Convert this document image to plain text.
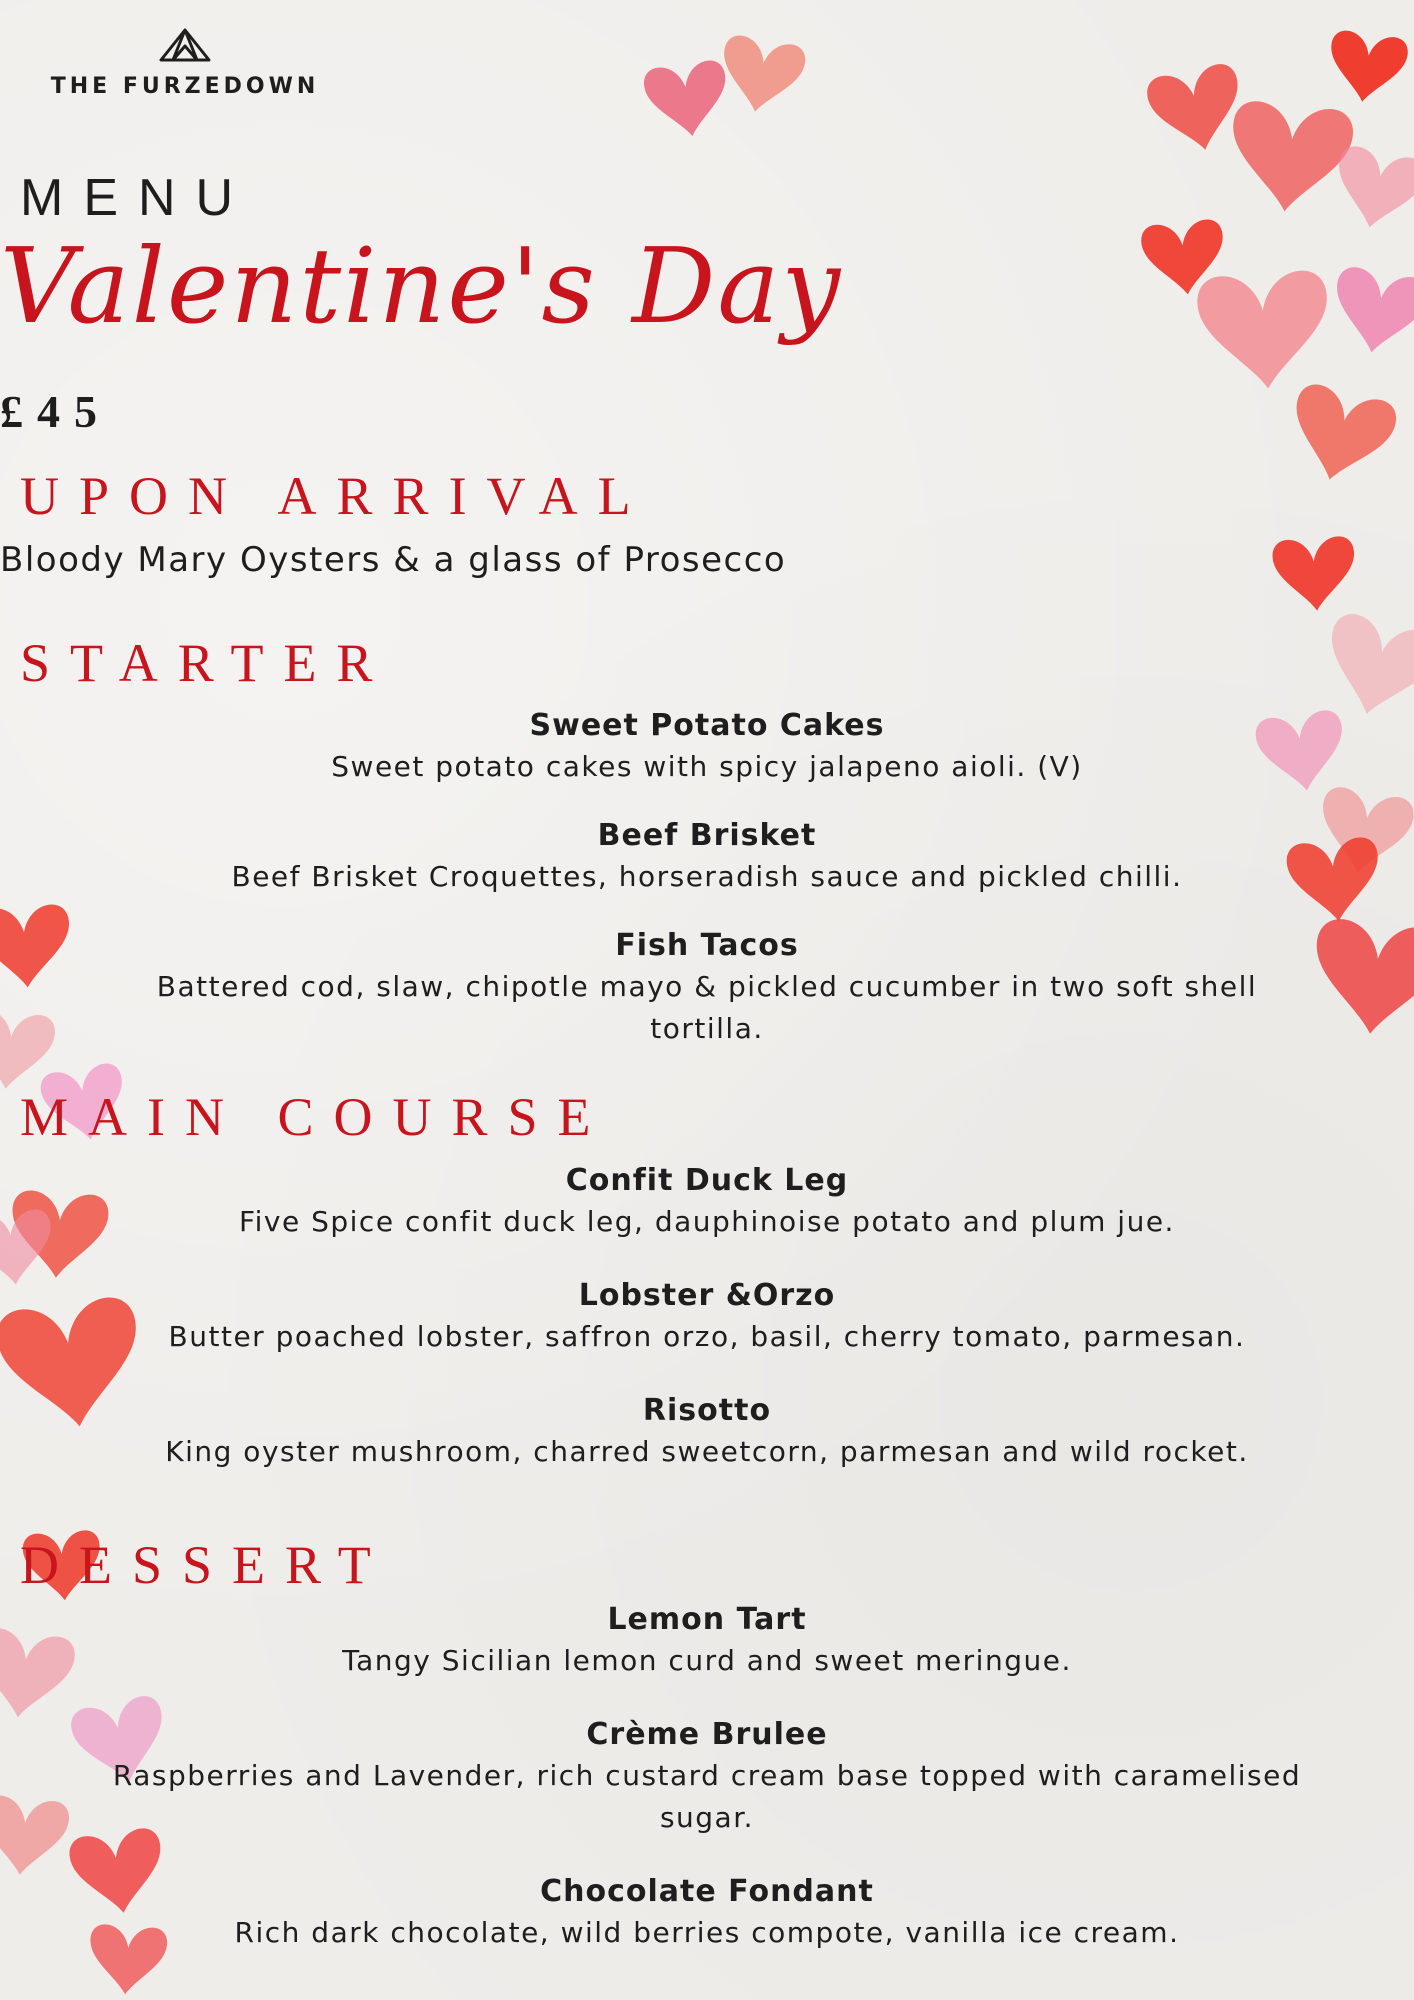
THE FURZEDOWN
MENU
Valentine's Day
£45
UPON ARRIVAL
Bloody Mary Oysters & a glass of Prosecco
STARTER
Sweet Potato Cakes
Sweet potato cakes with spicy jalapeno aioli. (V)
Beef Brisket
Beef Brisket Croquettes, horseradish sauce and pickled chilli.
Fish Tacos
Battered cod, slaw, chipotle mayo & pickled cucumber in two soft shell tortilla.
MAIN COURSE
Confit Duck Leg
Five Spice confit duck leg, dauphinoise potato and plum jue.
Lobster &Orzo
Butter poached lobster, saffron orzo, basil, cherry tomato, parmesan.
Risotto
King oyster mushroom, charred sweetcorn, parmesan and wild rocket.
DESSERT
Lemon Tart
Tangy Sicilian lemon curd and sweet meringue.
Crème Brulee
Raspberries and Lavender, rich custard cream base topped with caramelised sugar.
Chocolate Fondant
Rich dark chocolate, wild berries compote, vanilla ice cream.
